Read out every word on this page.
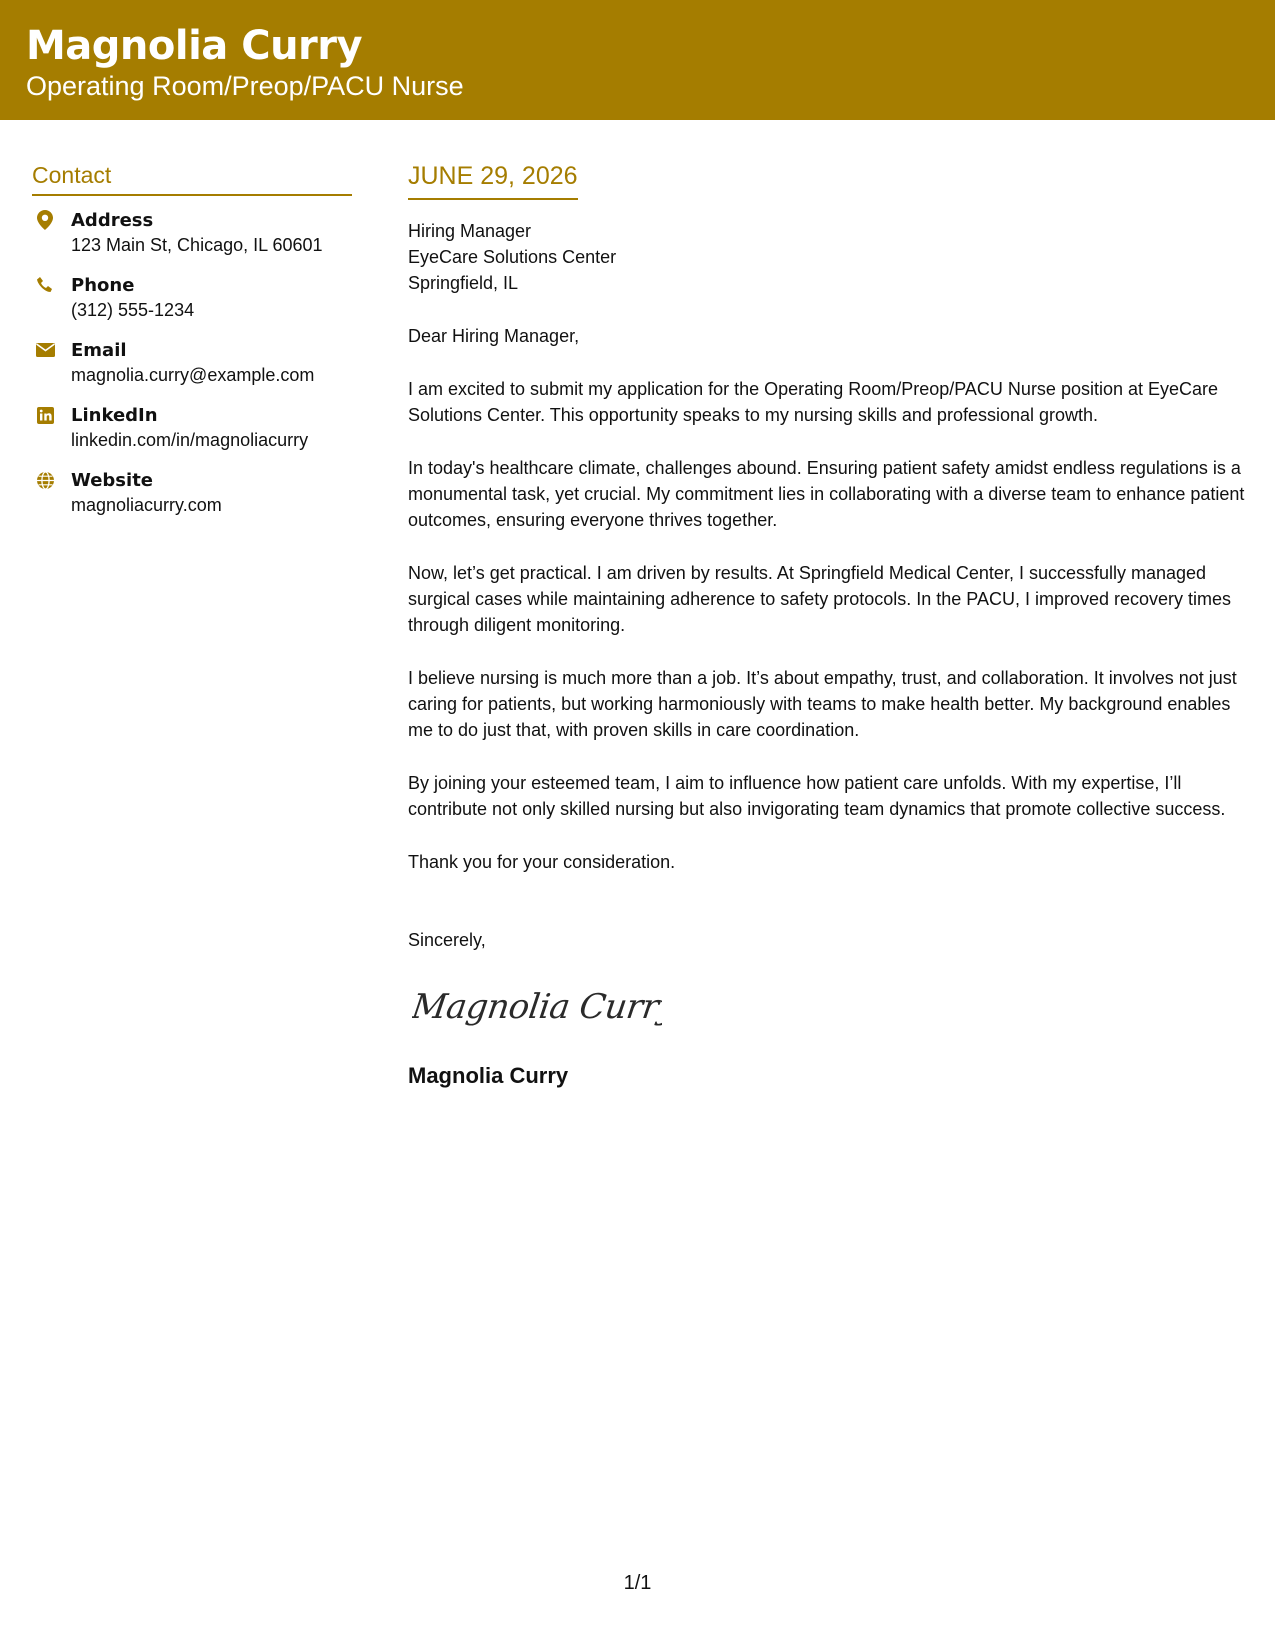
Magnolia Curry
Operating Room/Preop/PACU Nurse
Contact
Address
123 Main St, Chicago, IL 60601
Phone
(312) 555-1234
Email
magnolia.curry@example.com
LinkedIn
linkedin.com/in/magnoliacurry
Website
magnoliacurry.com
JUNE 29, 2026
Hiring Manager
EyeCare Solutions Center
Springfield, IL

Dear Hiring Manager,

I am excited to submit my application for the Operating Room/Preop/PACU Nurse position at EyeCare Solutions Center. This opportunity speaks to my nursing skills and professional growth.

In today's healthcare climate, challenges abound. Ensuring patient safety amidst endless regulations is a monumental task, yet crucial. My commitment lies in collaborating with a diverse team to enhance patient outcomes, ensuring everyone thrives together.

Now, let’s get practical. I am driven by results. At Springfield Medical Center, I successfully managed surgical cases while maintaining adherence to safety protocols. In the PACU, I improved recovery times through diligent monitoring.

I believe nursing is much more than a job. It’s about empathy, trust, and collaboration. It involves not just caring for patients, but working harmoniously with teams to make health better. My background enables me to do just that, with proven skills in care coordination.

By joining your esteemed team, I aim to influence how patient care unfolds. With my expertise, I’ll contribute not only skilled nursing but also invigorating team dynamics that promote collective success.

Thank you for your consideration.

Sincerely,

Magnolia Curry
Magnolia Curry
1/1
